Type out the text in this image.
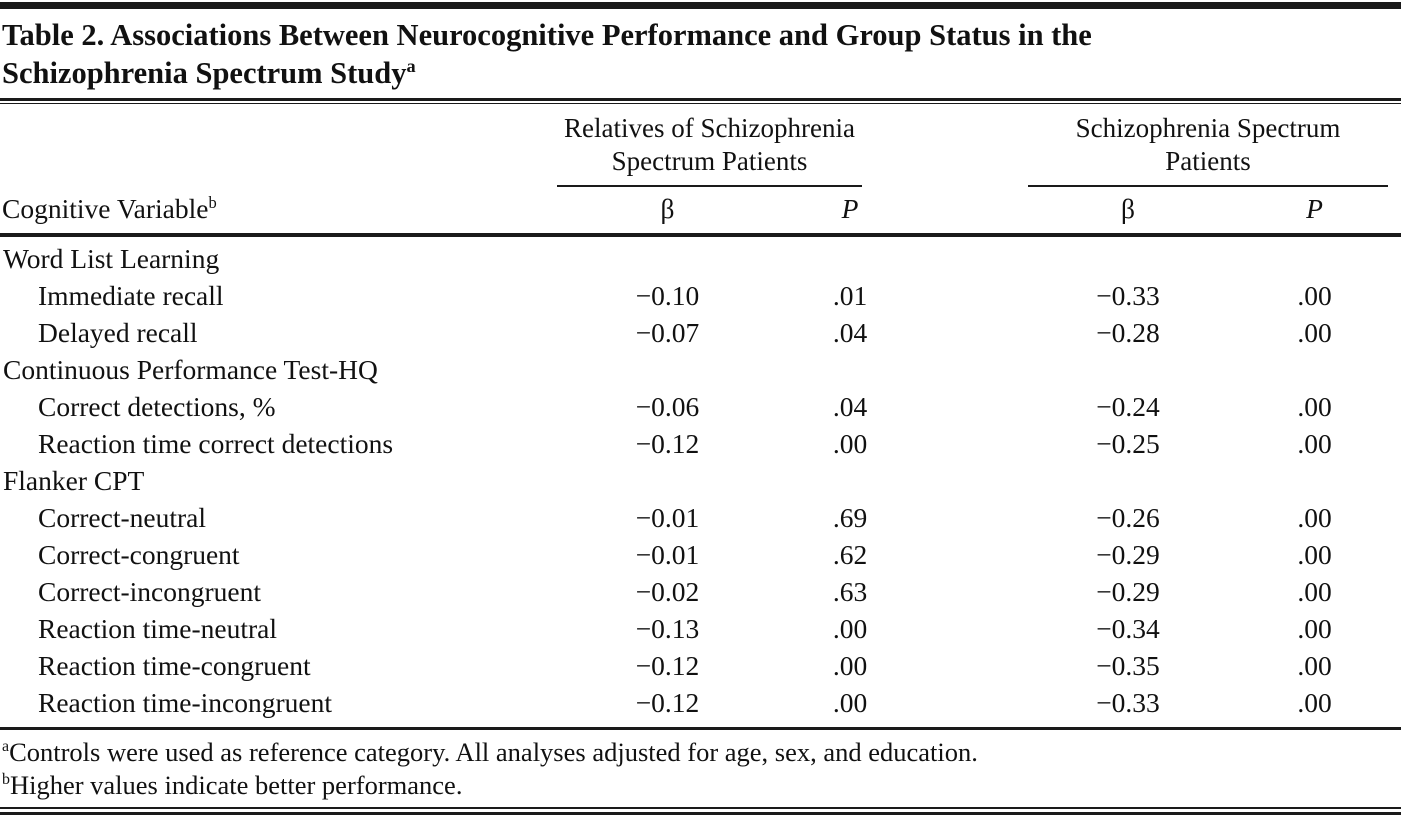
Table 2. Associations Between Neurocognitive Performance and Group Status in the
Schizophrenia Spectrum Study$^a$
Relatives of Schizophrenia
Spectrum Patients
Schizophrenia Spectrum
Patients
Cognitive Variable$^b$	β	P	β	P
Word List Learning
Immediate recall	−0.10	.01	−0.33	.00
Delayed recall	−0.07	.04	−0.28	.00
Continuous Performance Test-HQ
Correct detections, %	−0.06	.04	−0.24	.00
Reaction time correct detections	−0.12	.00	−0.25	.00
Flanker CPT
Correct-neutral	−0.01	.69	−0.26	.00
Correct-congruent	−0.01	.62	−0.29	.00
Correct-incongruent	−0.02	.63	−0.29	.00
Reaction time-neutral	−0.13	.00	−0.34	.00
Reaction time-congruent	−0.12	.00	−0.35	.00
Reaction time-incongruent	−0.12	.00	−0.33	.00
$^a$Controls were used as reference category. All analyses adjusted for age, sex, and education.
$^b$Higher values indicate better performance.
